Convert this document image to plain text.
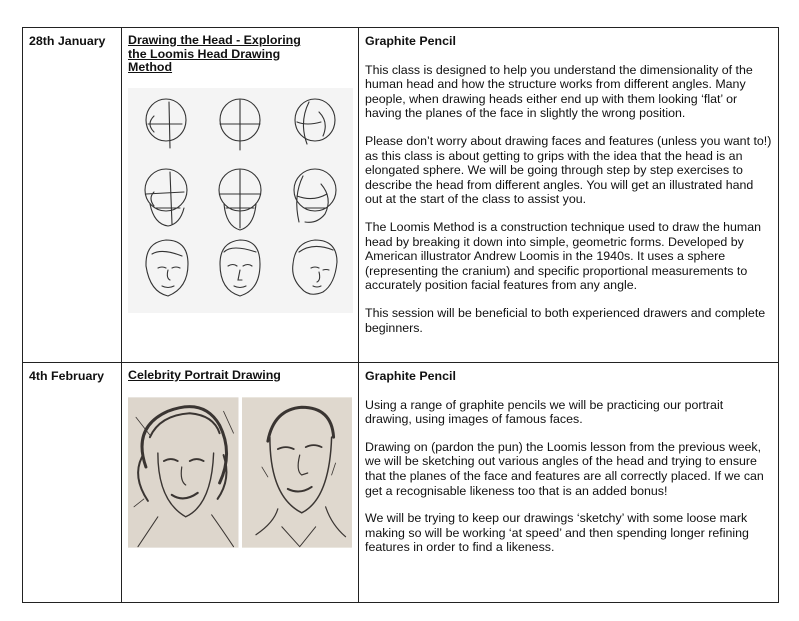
28th January	Drawing the Head - Exploring the Loomis Head Drawing Method	Graphite Pencil

This class is designed to help you understand the dimensionality of the human head and how the structure works from different angles. Many people, when drawing heads either end up with them looking ‘flat’ or having the planes of the face in slightly the wrong position.

Please don’t worry about drawing faces and features (unless you want to!) as this class is about getting to grips with the idea that the head is an elongated sphere. We will be going through step by step exercises to describe the head from different angles. You will get an illustrated hand out at the start of the class to assist you.

The Loomis Method is a construction technique used to draw the human head by breaking it down into simple, geometric forms. Developed by American illustrator Andrew Loomis in the 1940s. It uses a sphere (representing the cranium) and specific proportional measurements to accurately position facial features from any angle.

This session will be beneficial to both experienced drawers and complete beginners.

4th February	Celebrity Portrait Drawing	Graphite Pencil

Using a range of graphite pencils we will be practicing our portrait drawing, using images of famous faces.

Drawing on (pardon the pun) the Loomis lesson from the previous week, we will be sketching out various angles of the head and trying to ensure that the planes of the face and features are all correctly placed. If we can get a recognisable likeness too that is an added bonus!

We will be trying to keep our drawings ‘sketchy’ with some loose mark making so will be working ‘at speed’ and then spending longer refining features in order to find a likeness.
